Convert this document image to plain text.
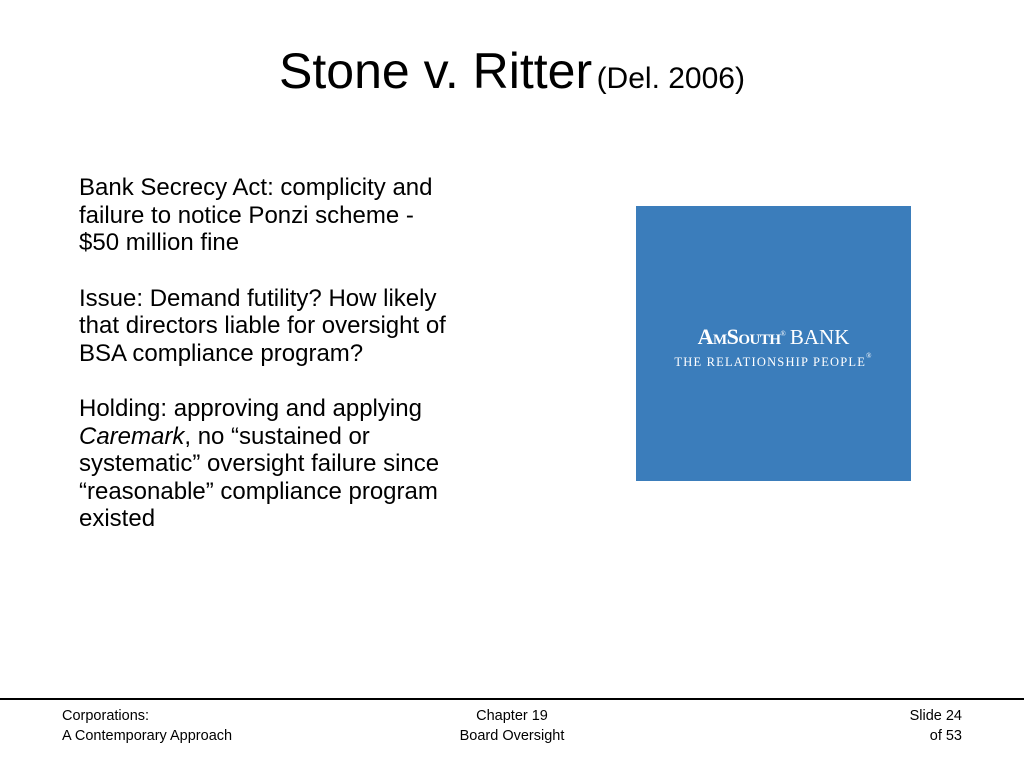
Stone v. Ritter (Del. 2006)

Bank Secrecy Act: complicity and failure to notice Ponzi scheme - $50 million fine

Issue: Demand futility? How likely that directors liable for oversight of BSA compliance program?

Holding: approving and applying Caremark, no “sustained or systematic” oversight failure since “reasonable” compliance program existed

AmSouth® BANK
THE RELATIONSHIP PEOPLE®
Corporations:
A Contemporary Approach
Chapter 19
Board Oversight
Slide 24
of 53
